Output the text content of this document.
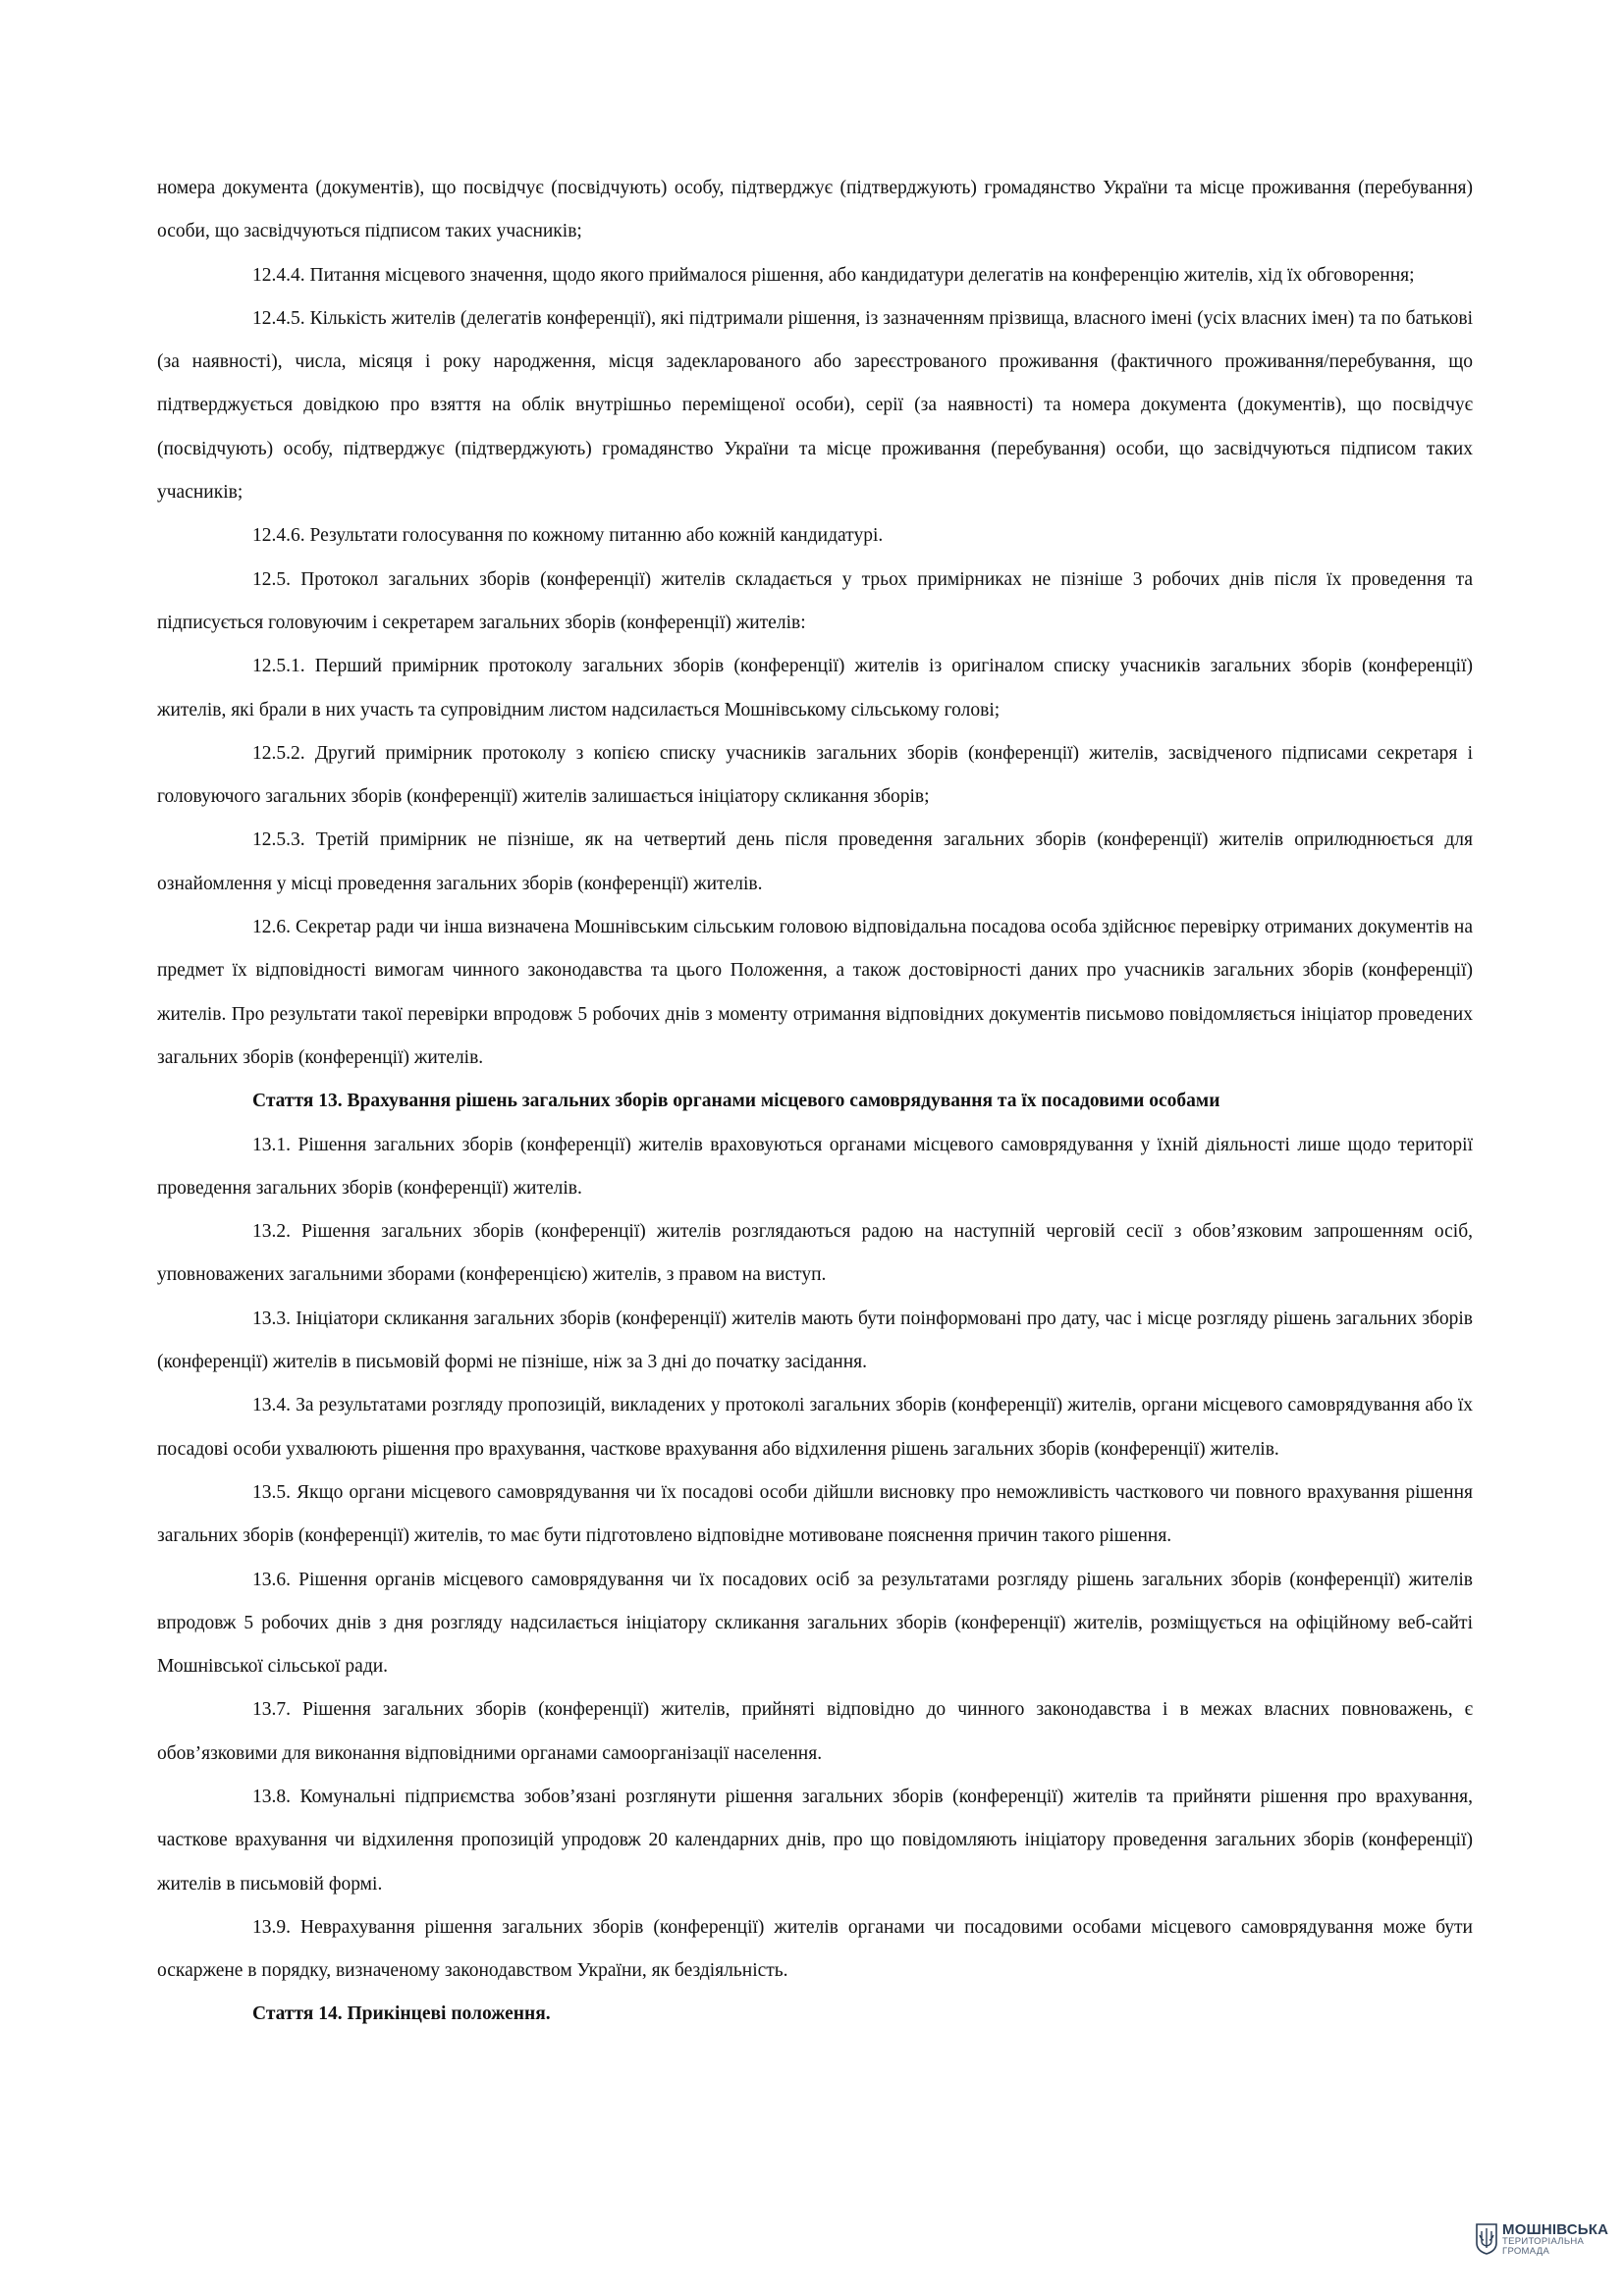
номера документа (документів), що посвідчує (посвідчують) особу, підтверджує (підтверджують) громадянство України та місце проживання (перебування) особи, що засвідчуються підписом таких учасників;

12.4.4. Питання місцевого значення, щодо якого приймалося рішення, або кандидатури делегатів на конференцію жителів, хід їх обговорення;

12.4.5. Кількість жителів (делегатів конференції), які підтримали рішення, із зазначенням прізвища, власного імені (усіх власних імен) та по батькові (за наявності), числа, місяця і року народження, місця задекларованого або зареєстрованого проживання (фактичного проживання/перебування, що підтверджується довідкою про взяття на облік внутрішньо переміщеної особи), серії (за наявності) та номера документа (документів), що посвідчує (посвідчують) особу, підтверджує (підтверджують) громадянство України та місце проживання (перебування) особи, що засвідчуються підписом таких учасників;

12.4.6. Результати голосування по кожному питанню або кожній кандидатурі.

12.5. Протокол загальних зборів (конференції) жителів складається у трьох примірниках не пізніше 3 робочих днів після їх проведення та підписується головуючим і секретарем загальних зборів (конференції) жителів:

12.5.1. Перший примірник протоколу загальних зборів (конференції) жителів із оригіналом списку учасників загальних зборів (конференції) жителів, які брали в них участь та супровідним листом надсилається Мошнівському сільському голові;

12.5.2. Другий примірник протоколу з копією списку учасників загальних зборів (конференції) жителів, засвідченого підписами секретаря і головуючого загальних зборів (конференції) жителів залишається ініціатору скликання зборів;

12.5.3. Третій примірник не пізніше, як на четвертий день після проведення загальних зборів (конференції) жителів оприлюднюється для ознайомлення у місці проведення загальних зборів (конференції) жителів.

12.6. Секретар ради чи інша визначена Мошнівським сільським головою відповідальна посадова особа здійснює перевірку отриманих документів на предмет їх відповідності вимогам чинного законодавства та цього Положення, а також достовірності даних про учасників загальних зборів (конференції) жителів. Про результати такої перевірки впродовж 5 робочих днів з моменту отримання відповідних документів письмово повідомляється ініціатор проведених загальних зборів (конференції) жителів.

Стаття 13. Врахування рішень загальних зборів органами місцевого самоврядування та їх посадовими особами

13.1. Рішення загальних зборів (конференції) жителів враховуються органами місцевого самоврядування у їхній діяльності лише щодо території проведення загальних зборів (конференції) жителів.

13.2. Рішення загальних зборів (конференції) жителів розглядаються радою на наступній черговій сесії з обов’язковим запрошенням осіб, уповноважених загальними зборами (конференцією) жителів, з правом на виступ.

13.3. Ініціатори скликання загальних зборів (конференції) жителів мають бути поінформовані про дату, час і місце розгляду рішень загальних зборів (конференції) жителів в письмовій формі не пізніше, ніж за 3 дні до початку засідання.

13.4. За результатами розгляду пропозицій, викладених у протоколі загальних зборів (конференції) жителів, органи місцевого самоврядування або їх посадові особи ухвалюють рішення про врахування, часткове врахування або відхилення рішень загальних зборів (конференції) жителів.

13.5. Якщо органи місцевого самоврядування чи їх посадові особи дійшли висновку про неможливість часткового чи повного врахування рішення загальних зборів (конференції) жителів, то має бути підготовлено відповідне мотивоване пояснення причин такого рішення.

13.6. Рішення органів місцевого самоврядування чи їх посадових осіб за результатами розгляду рішень загальних зборів (конференції) жителів впродовж 5 робочих днів з дня розгляду надсилається ініціатору скликання загальних зборів (конференції) жителів, розміщується на офіційному веб-сайті Мошнівської сільської ради.

13.7. Рішення загальних зборів (конференції) жителів, прийняті відповідно до чинного законодавства і в межах власних повноважень, є обов’язковими для виконання відповідними органами самоорганізації населення.

13.8. Комунальні підприємства зобов’язані розглянути рішення загальних зборів (конференції) жителів та прийняти рішення про врахування, часткове врахування чи відхилення пропозицій упродовж 20 календарних днів, про що повідомляють ініціатору проведення загальних зборів (конференції) жителів в письмовій формі.

13.9. Неврахування рішення загальних зборів (конференції) жителів органами чи посадовими особами місцевого самоврядування може бути оскаржене в порядку, визначеному законодавством України, як бездіяльність.

Стаття 14. Прикінцеві положення.

МОШНІВСЬКА
ТЕРИТОРІАЛЬНА
ГРОМАДА
